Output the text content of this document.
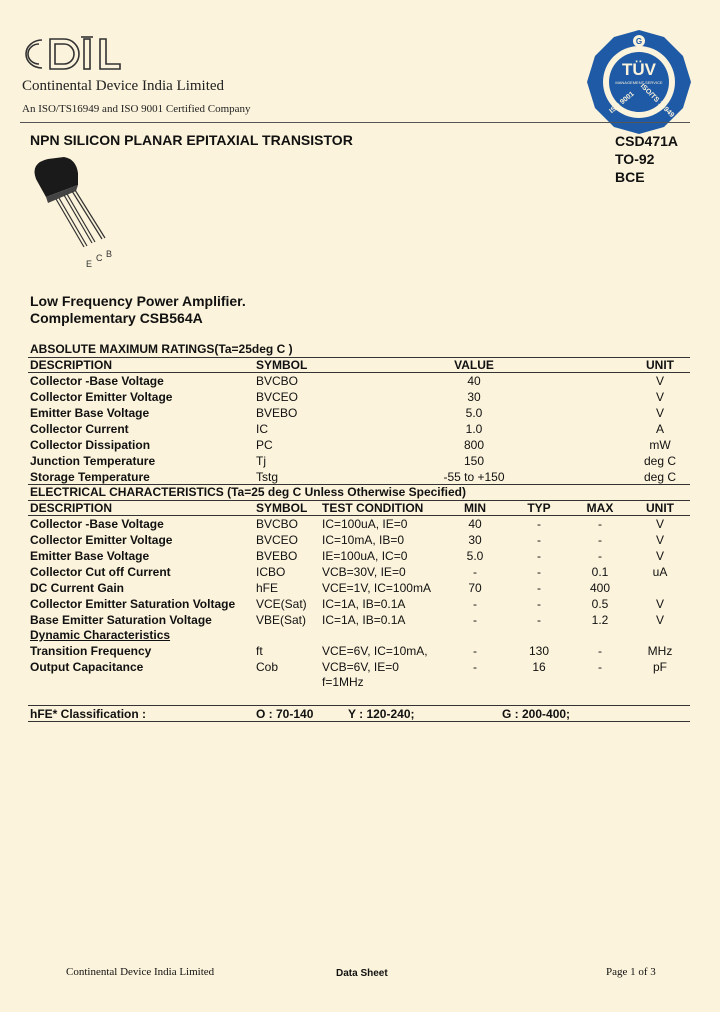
CDIL
Continental Device India Limited
An ISO/TS16949 and ISO 9001 Certified Company
G
TÜV
MANAGEMENT SERVICE
ISO 9001 ISO/TS 16949
NPN SILICON PLANAR EPITAXIAL TRANSISTOR	CSD471A
TO-92
BCE
E
C B
Low Frequency Power Amplifier.
Complementary CSB564A
ABSOLUTE MAXIMUM RATINGS(Ta=25deg C )
DESCRIPTION	SYMBOL	VALUE	UNIT
Collector -Base Voltage	BVCBO	40	V
Collector Emitter Voltage	BVCEO	30	V
Emitter Base Voltage	BVEBO	5.0	V
Collector Current	IC	1.0	A
Collector Dissipation	PC	800	mW
Junction Temperature	Tj	150	deg C
Storage Temperature	Tstg	-55 to +150	deg C
ELECTRICAL CHARACTERISTICS (Ta=25 deg C Unless Otherwise Specified)
DESCRIPTION	SYMBOL TEST CONDITION	MIN	TYP	MAX	UNIT
Collector -Base Voltage	BVCBO IC=100uA, IE=0	40	-	-	V
Collector Emitter Voltage	BVCEO IC=10mA, IB=0	30	-	-	V
Emitter Base Voltage	BVEBO IE=100uA, IC=0	5.0	-	-	V
Collector Cut off Current	ICBO	VCB=30V, IE=0	-	-	0.1	uA
DC Current Gain	hFE	VCE=1V, IC=100mA	70	-	400
Collector Emitter Saturation Voltage VCE(Sat) IC=1A, IB=0.1A	-	-	0.5	V
Base Emitter Saturation Voltage	VBE(Sat) IC=1A, IB=0.1A	-	-	1.2	V
Dynamic Characteristics
Transition Frequency	ft	VCE=6V, IC=10mA,	-	130	-	MHz
Output Capacitance	Cob	VCB=6V, IE=0	-	16	-	pF
f=1MHz
hFE* Classification :	O : 70-140	Y : 120-240;	G : 200-400;
Continental Device India Limited	Data Sheet	Page 1 of 3
